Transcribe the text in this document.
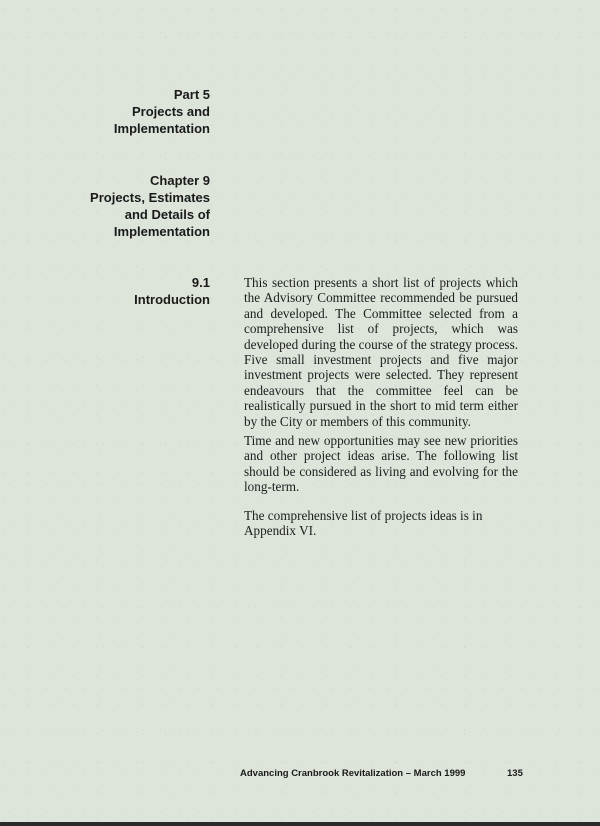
Part 5
Projects and
Implementation
Chapter 9
Projects, Estimates
and Details of
Implementation
9.1
Introduction

This section presents a short list of projects which the Advisory Committee recommended be pursued and developed. The Committee selected from a comprehensive list of projects, which was developed during the course of the strategy process. Five small investment projects and five major investment projects were selected. They represent endeavours that the committee feel can be realistically pursued in the short to mid term either by the City or members of this community.

Time and new opportunities may see new priorities and other project ideas arise. The following list should be considered as living and evolving for the long-term.

The comprehensive list of projects ideas is in Appendix VI.

Advancing Cranbrook Revitalization – March 1999	135
